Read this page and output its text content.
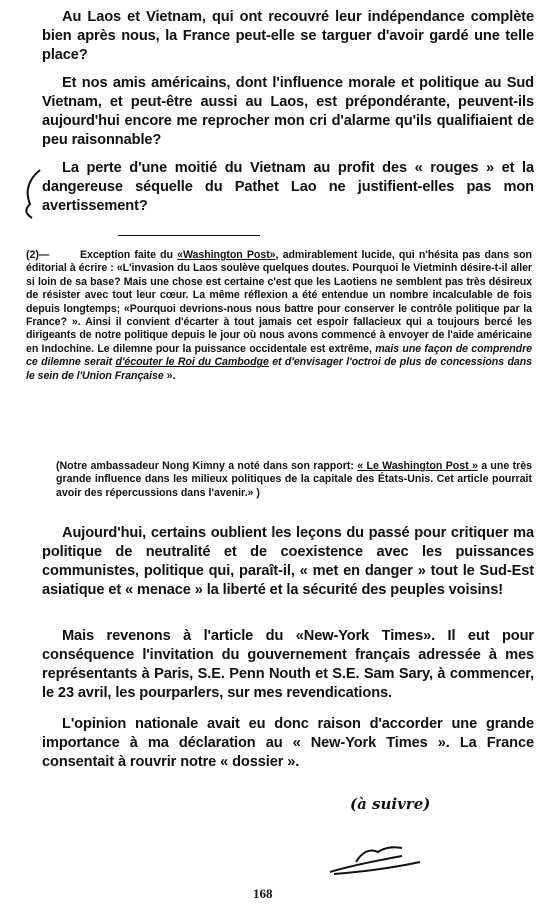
Au Laos et Vietnam, qui ont recouvré leur indépendance complète bien après nous, la France peut-elle se targuer d'avoir gardé une telle place?
Et nos amis américains, dont l'influence morale et politique au Sud Vietnam, et peut-être aussi au Laos, est prépondérante, peuvent-ils aujourd'hui encore me reprocher mon cri d'alarme qu'ils qualifiaient de peu raisonnable?
La perte d'une moitié du Vietnam au profit des « rouges » et la dangereuse séquelle du Pathet Lao ne justifient-elles pas mon avertissement?
(2)—	Exception faite du «Washington Post», admirablement lucide, qui n'hésita pas dans son éditorial à écrire : «L'invasion du Laos soulève quelques doutes. Pourquoi le Vietminh désire-t-il aller si loin de sa base? Mais une chose est certaine c'est que les Laotiens ne semblent pas très désireux de résister avec tout leur cœur. La même réflexion a été entendue un nombre incalculable de fois depuis longtemps; «Pourquoi devrions-nous nous battre pour conserver le contrôle politique par la France? ». Ainsi il convient d'écarter à tout jamais cet espoir fallacieux qui a toujours bercé les dirigeants de notre politique depuis le jour où nous avons commencé à envoyer de l'aide américaine en Indochine. Le dilemne pour la puissance occidentale est extrême, mais une façon de comprendre ce dilemne serait d'écouter le Roi du Cambodge et d'envisager l'octroi de plus de concessions dans le sein de l'Union Française ».
(Notre ambassadeur Nong Kimny a noté dans son rapport: « Le Washington Post » a une très grande influence dans les milieux politiques de la capitale des États-Unis. Cet article pourrait avoir des répercussions dans l'avenir.» )
Aujourd'hui, certains oublient les leçons du passé pour critiquer ma politique de neutralité et de coexistence avec les puissances communistes, politique qui, paraît-il, « met en danger » tout le Sud-Est asiatique et « menace » la liberté et la sécurité des peuples voisins!
Mais revenons à l'article du «New-York Times». Il eut pour conséquence l'invitation du gouvernement français adressée à mes représentants à Paris, S.E. Penn Nouth et S.E. Sam Sary, à commencer, le 23 avril, les pourparlers, sur mes revendications.
L'opinion nationale avait eu donc raison d'accorder une grande importance à ma déclaration au « New-York Times ». La France consentait à rouvrir notre « dossier ».
(à suivre)
168
